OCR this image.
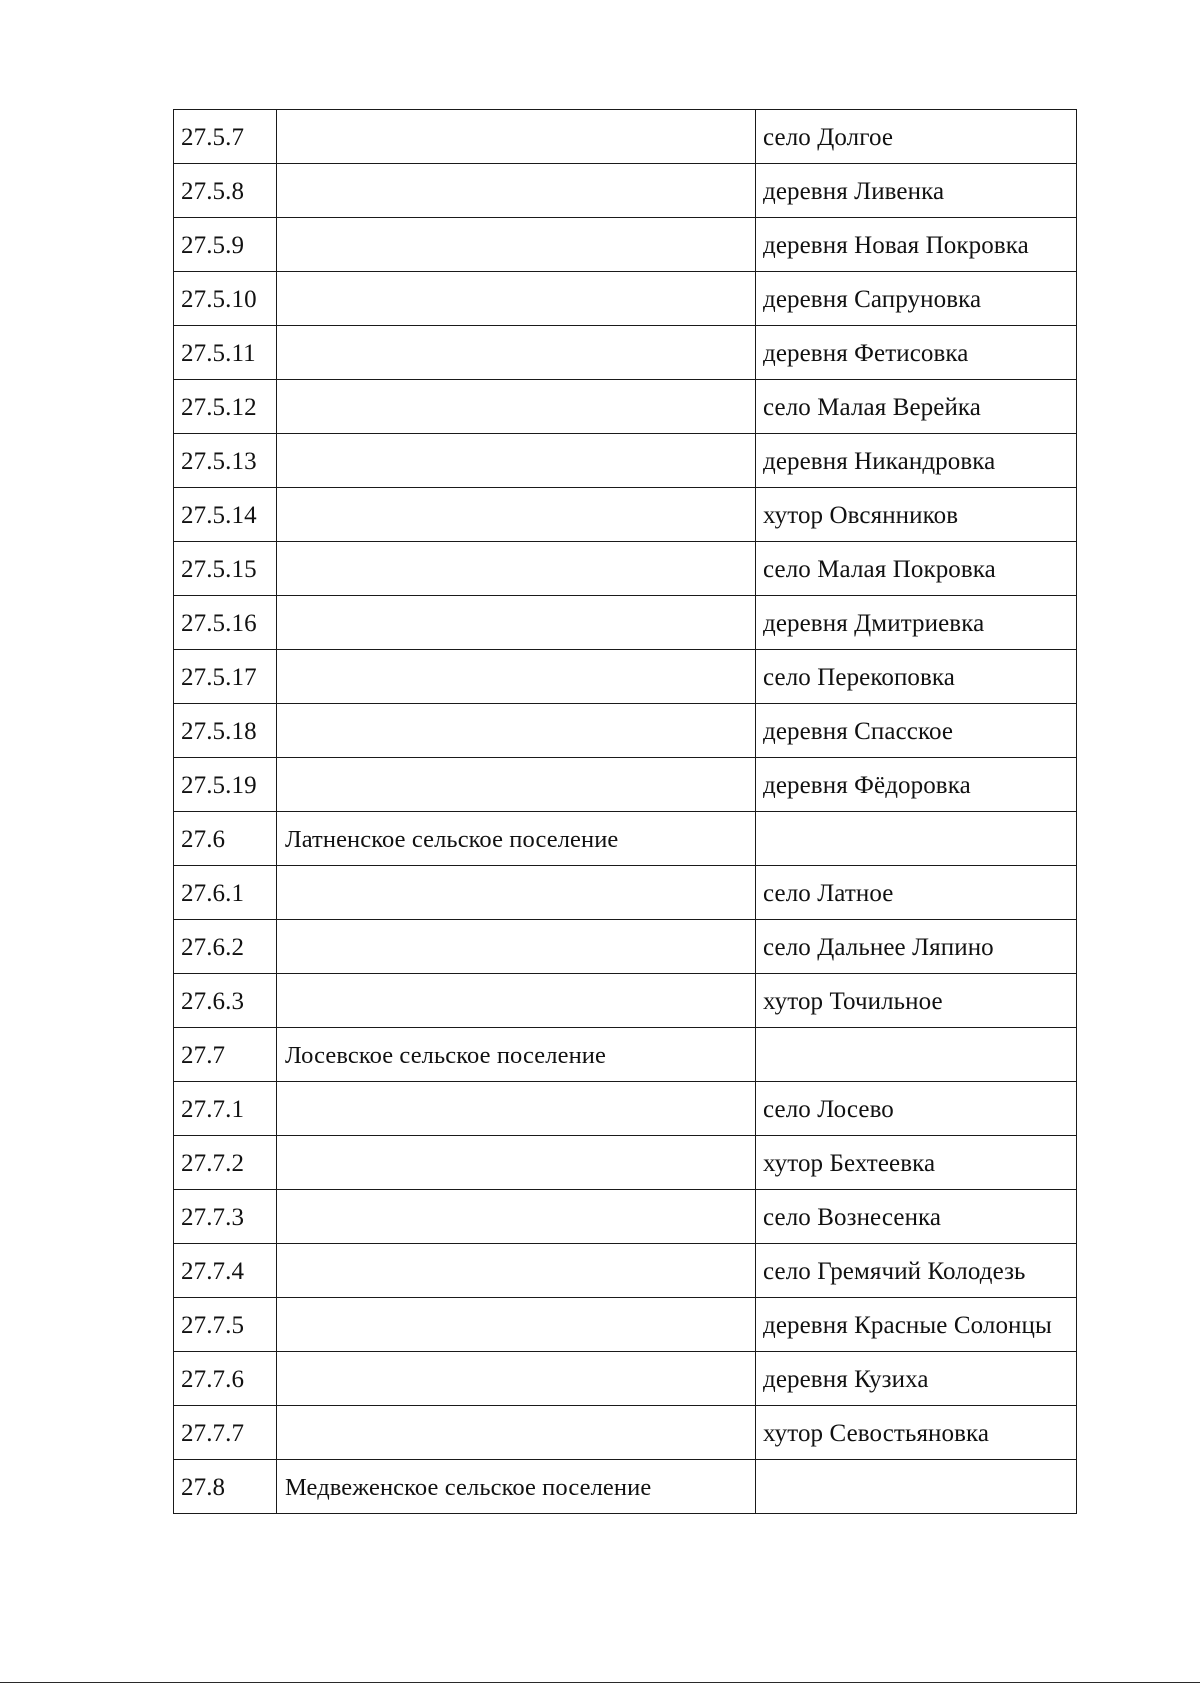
27.5.7		село Долгое
27.5.8		деревня Ливенка
27.5.9		деревня Новая Покровка
27.5.10		деревня Сапруновка
27.5.11		деревня Фетисовка
27.5.12		село Малая Верейка
27.5.13		деревня Никандровка
27.5.14		хутор Овсянников
27.5.15		село Малая Покровка
27.5.16		деревня Дмитриевка
27.5.17		село Перекоповка
27.5.18		деревня Спасское
27.5.19		деревня Фёдоровка
27.6	Латненское сельское поселение	
27.6.1		село Латное
27.6.2		село Дальнее Ляпино
27.6.3		хутор Точильное
27.7	Лосевское сельское поселение	
27.7.1		село Лосево
27.7.2		хутор Бехтеевка
27.7.3		село Вознесенка
27.7.4		село Гремячий Колодезь
27.7.5		деревня Красные Солонцы
27.7.6		деревня Кузиха
27.7.7		хутор Севостьяновка
27.8	Медвеженское сельское поселение	
